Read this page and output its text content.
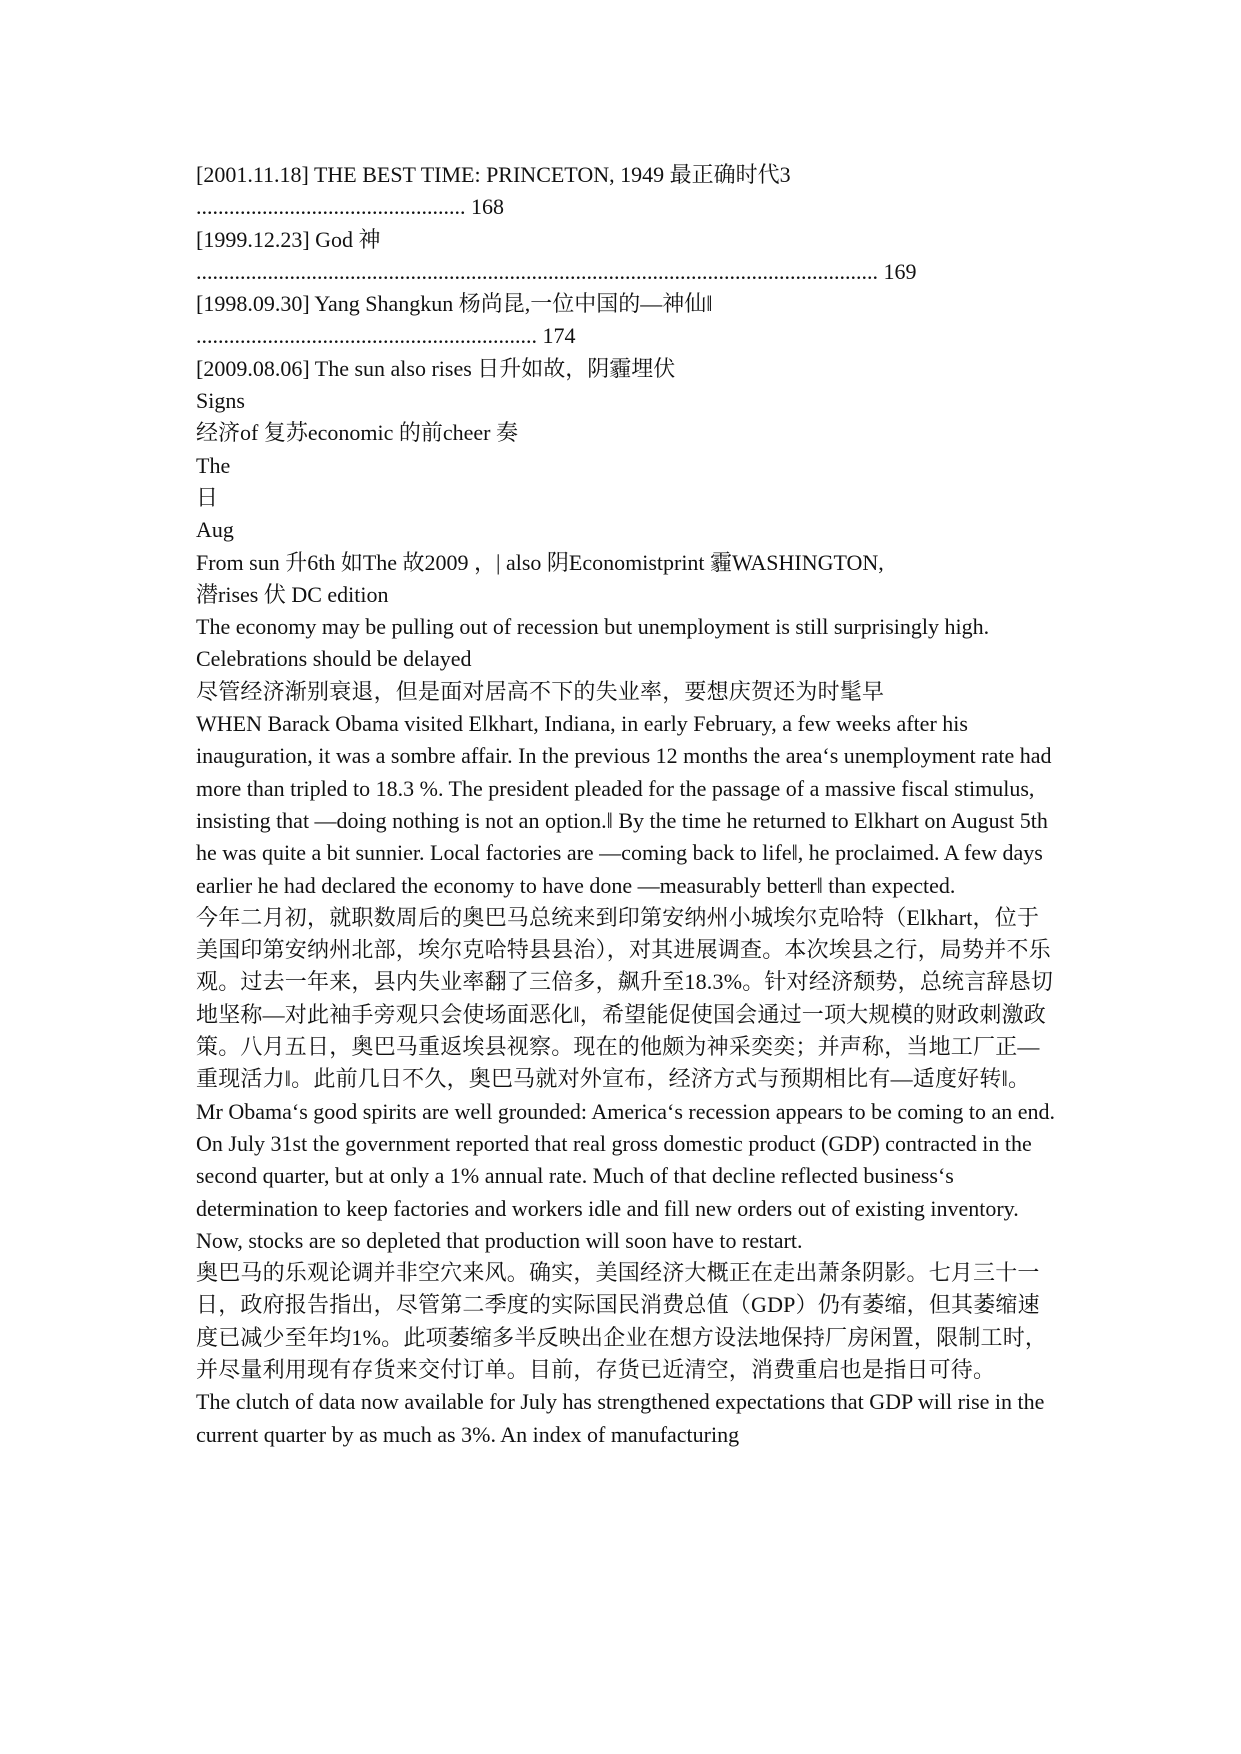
[2001.11.18] THE BEST TIME: PRINCETON, 1949 最正确时代3
................................................. 168
[1999.12.23] God 神
............................................................................................................................ 169
[1998.09.30] Yang Shangkun 杨尚昆,一位中国的—神仙‖
.............................................................. 174
[2009.08.06] The sun also rises 日升如故，阴霾埋伏
Signs
经济of 复苏economic 的前cheer 奏
The
日
Aug
From sun 升6th 如The 故2009 ，| also 阴Economistprint 霾WASHINGTON,
潜rises 伏 DC edition
The economy may be pulling out of recession but unemployment is still surprisingly high. Celebrations should be delayed
尽管经济渐别衰退，但是面对居高不下的失业率，要想庆贺还为时髦早
WHEN Barack Obama visited Elkhart, Indiana, in early February, a few weeks after his inauguration, it was a sombre affair. In the previous 12 months the area‘s unemployment rate had more than tripled to 18.3 %. The president pleaded for the passage of a massive fiscal stimulus, insisting that —doing nothing is not an option.‖ By the time he returned to Elkhart on August 5th he was quite a bit sunnier. Local factories are —coming back to life‖, he proclaimed. A few days earlier he had declared the economy to have done —measurably better‖ than expected.
今年二月初，就职数周后的奥巴马总统来到印第安纳州小城埃尔克哈特（Elkhart，位于美国印第安纳州北部，埃尔克哈特县县治），对其进展调查。本次埃县之行，局势并不乐观。过去一年来，县内失业率翻了三倍多，飙升至18.3%。针对经济颓势，总统言辞恳切地坚称—对此袖手旁观只会使场面恶化‖，希望能促使国会通过一项大规模的财政刺激政策。八月五日，奥巴马重返埃县视察。现在的他颇为神采奕奕；并声称，当地工厂正—重现活力‖。此前几日不久，奥巴马就对外宣布，经济方式与预期相比有—适度好转‖。
Mr Obama‘s good spirits are well grounded: America‘s recession appears to be coming to an end. On July 31st the government reported that real gross domestic product (GDP) contracted in the second quarter, but at only a 1% annual rate. Much of that decline reflected business‘s determination to keep factories and workers idle and fill new orders out of existing inventory. Now, stocks are so depleted that production will soon have to restart.
奥巴马的乐观论调并非空穴来风。确实，美国经济大概正在走出萧条阴影。七月三十一日，政府报告指出，尽管第二季度的实际国民消费总值（GDP）仍有萎缩，但其萎缩速度已减少至年均1%。此项萎缩多半反映出企业在想方设法地保持厂房闲置，限制工时，并尽量利用现有存货来交付订单。目前，存货已近清空，消费重启也是指日可待。
The clutch of data now available for July has strengthened expectations that GDP will rise in the current quarter by as much as 3%. An index of manufacturing
